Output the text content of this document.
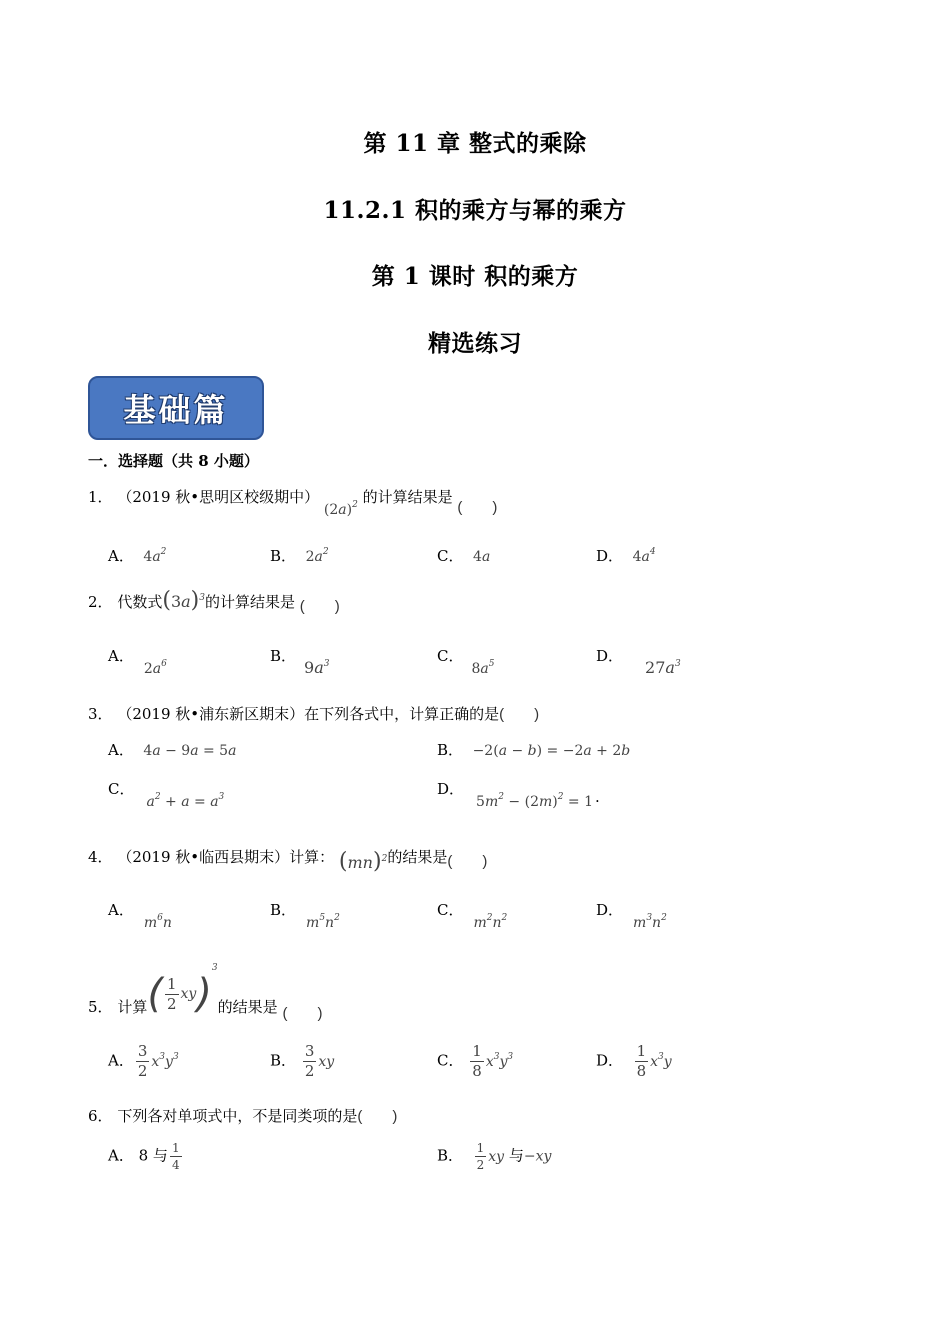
第 11 章 整式的乘除
11.2.1 积的乘方与幂的乘方
第 1 课时 积的乘方
精选练习
基础篇
一．选择题（共 8 小题）
1． （2019 秋•思明区校级期中） $(2a)^2$ 的计算结果是 (　　)
A． $4a^2$	B． $2a^2$	C． 4a	D． $4a^4$
2． 代数式$(3a)^3$的计算结果是 (　　)
A．$2a^6$	B．$9a^3$	C．$8a^5$	D．$27a^3$
3． （2019 秋•浦东新区期末）在下列各式中，计算正确的是(　　)
A． 4a − 9a = 5a	B． −2(a − b) = −2a + 2b
C．$a^2 + a = a^3$	D．$5m^2 - (2m)^2 = 1$ .
4． （2019 秋•临西县期末）计算： (mn)$^2$的结果是(　　)
A．$m^6n$
B．$m^5n^2$	C．$m^2n^2$	D．$m^3n^2$
5． 计算( $\frac{1}{2} xy)^3$的结果是 (　　)
A． $\frac{3}{2} x^3y^3$	B． $\frac{3}{2}$ xy	C． $\frac{1}{8} x^3y^3$	D． $\frac{1}{8} x^3y$
6． 下列各对单项式中，不是同类项的是(　　)
A． 8 与 $\frac{1}{4}$	B． $\frac{1}{2}$ xy 与−xy
